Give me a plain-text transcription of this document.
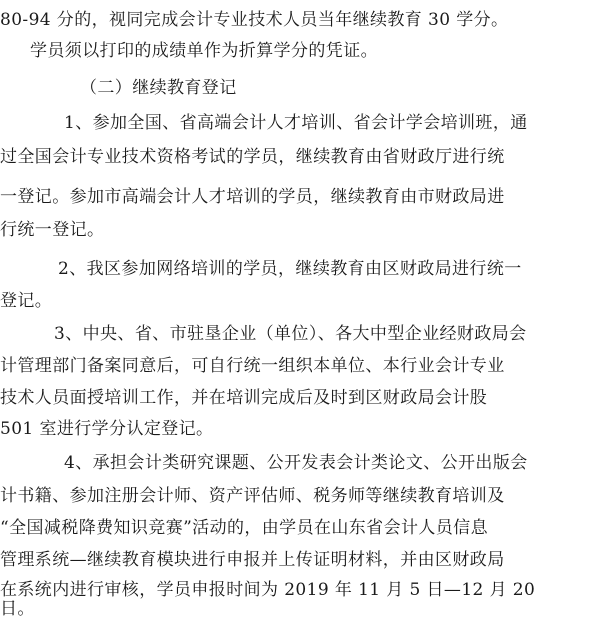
80-94 分的，视同完成会计专业技术人员当年继续教育 30 学分。
学员须以打印的成绩单作为折算学分的凭证。
（二）继续教育登记
1、参加全国、省高端会计人才培训、省会计学会培训班，通
过全国会计专业技术资格考试的学员，继续教育由省财政厅进行统
一登记。参加市高端会计人才培训的学员，继续教育由市财政局进
行统一登记。
2、我区参加网络培训的学员，继续教育由区财政局进行统一
登记。
3、中央、省、市驻垦企业（单位）、各大中型企业经财政局会
计管理部门备案同意后，可自行统一组织本单位、本行业会计专业
技术人员面授培训工作，并在培训完成后及时到区财政局会计股
501 室进行学分认定登记。
4、承担会计类研究课题、公开发表会计类论文、公开出版会
计书籍、参加注册会计师、资产评估师、税务师等继续教育培训及
“全国减税降费知识竞赛”活动的，由学员在山东省会计人员信息
管理系统—继续教育模块进行申报并上传证明材料，并由区财政局
在系统内进行审核，学员申报时间为 2019 年 11 月 5 日—12 月 20
日。
